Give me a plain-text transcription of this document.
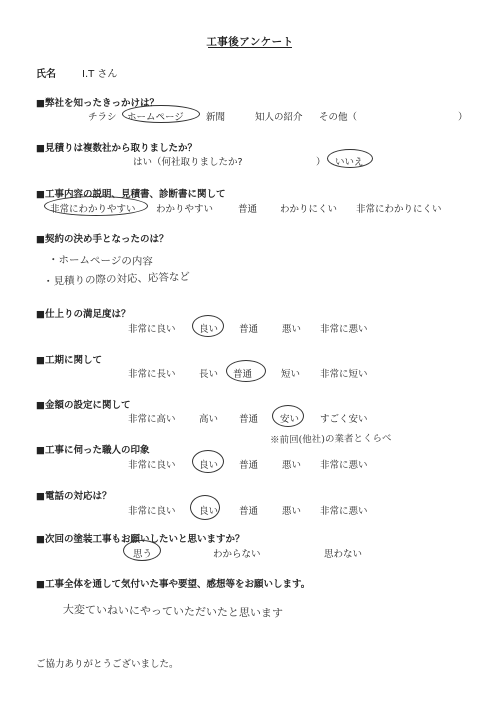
工事後アンケート
氏名	I.T さん
■弊社を知ったきっかけは？
チラシ ホームページ 新聞	知人の紹介 その他（	）
■見積りは複数社から取りましたか？
はい（何社取りましたか?	） いいえ
■工事内容の説明、見積書、診断書に関して
非常にわかりやすい わかりやすい	普通 わかりにくい 非常にわかりにくい
■契約の決め手となったのは？
・ホームページの内容
・見積りの際の対応、応答など
■仕上りの満足度は？
非常に良い 良い 普通	悪い 非常に悪い
■工期に関して
非常に長い 長い 普通	短い 非常に短い
■金額の設定に関して
非常に高い 高い 普通 安い すごく安い
※前回(他社)の業者とくらべ
■工事に伺った職人の印象
非常に良い 良い 普通	悪い 非常に悪い
■電話の対応は？
非常に良い 良い 普通	悪い 非常に悪い
■次回の塗装工事もお願いしたいと思いますか？
思う	わからない	思わない
■工事全体を通して気付いた事や要望、感想等をお願いします。
大変ていねいにやっていただいたと思います
ご協力ありがとうございました。
